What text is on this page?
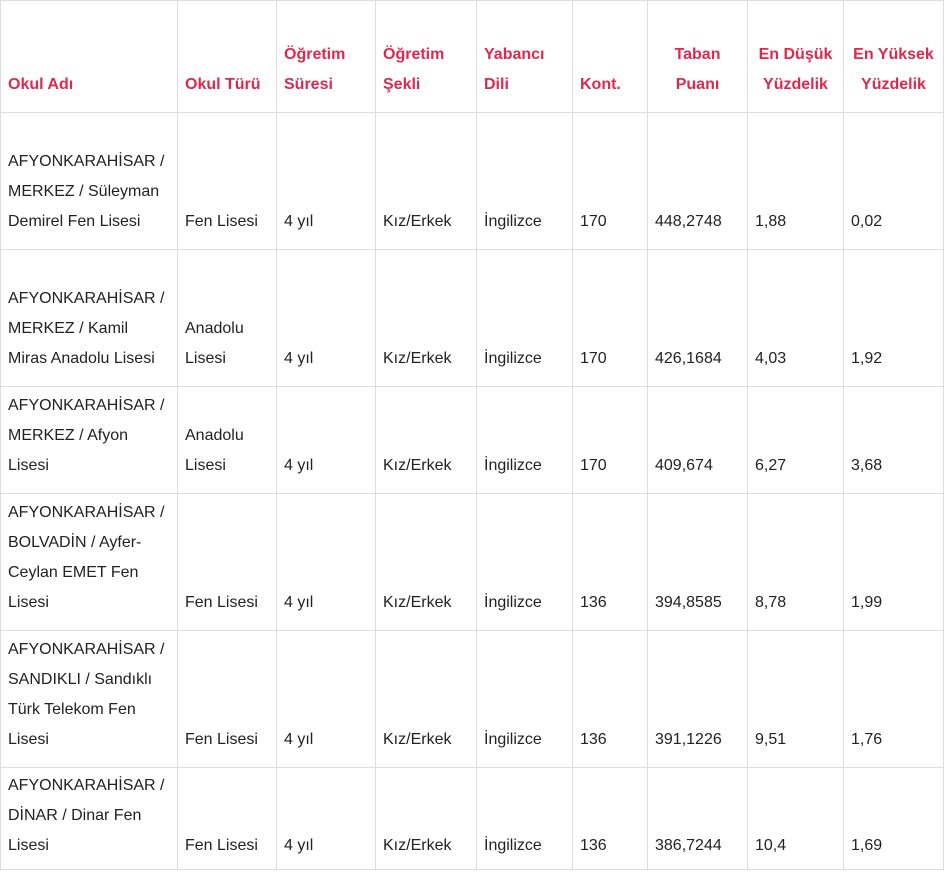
Okul Adı	Okul Türü	Öğretim Süresi	Öğretim Şekli	Yabancı Dili	Kont.	Taban Puanı	En Düşük Yüzdelik	En Yüksek Yüzdelik
AFYONKARAHİSAR / MERKEZ / Süleyman Demirel Fen Lisesi	Fen Lisesi	4 yıl	Kız/Erkek	İngilizce	170	448,2748	1,88	0,02
AFYONKARAHİSAR / MERKEZ / Kamil Miras Anadolu Lisesi	Anadolu Lisesi	4 yıl	Kız/Erkek	İngilizce	170	426,1684	4,03	1,92
AFYONKARAHİSAR / MERKEZ / Afyon Lisesi	Anadolu Lisesi	4 yıl	Kız/Erkek	İngilizce	170	409,674	6,27	3,68
AFYONKARAHİSAR / BOLVADİN / Ayfer-Ceylan EMET Fen Lisesi	Fen Lisesi	4 yıl	Kız/Erkek	İngilizce	136	394,8585	8,78	1,99
AFYONKARAHİSAR / SANDIKLI / Sandıklı Türk Telekom Fen Lisesi	Fen Lisesi	4 yıl	Kız/Erkek	İngilizce	136	391,1226	9,51	1,76
AFYONKARAHİSAR / DİNAR / Dinar Fen Lisesi	Fen Lisesi	4 yıl	Kız/Erkek	İngilizce	136	386,7244	10,4	1,69
